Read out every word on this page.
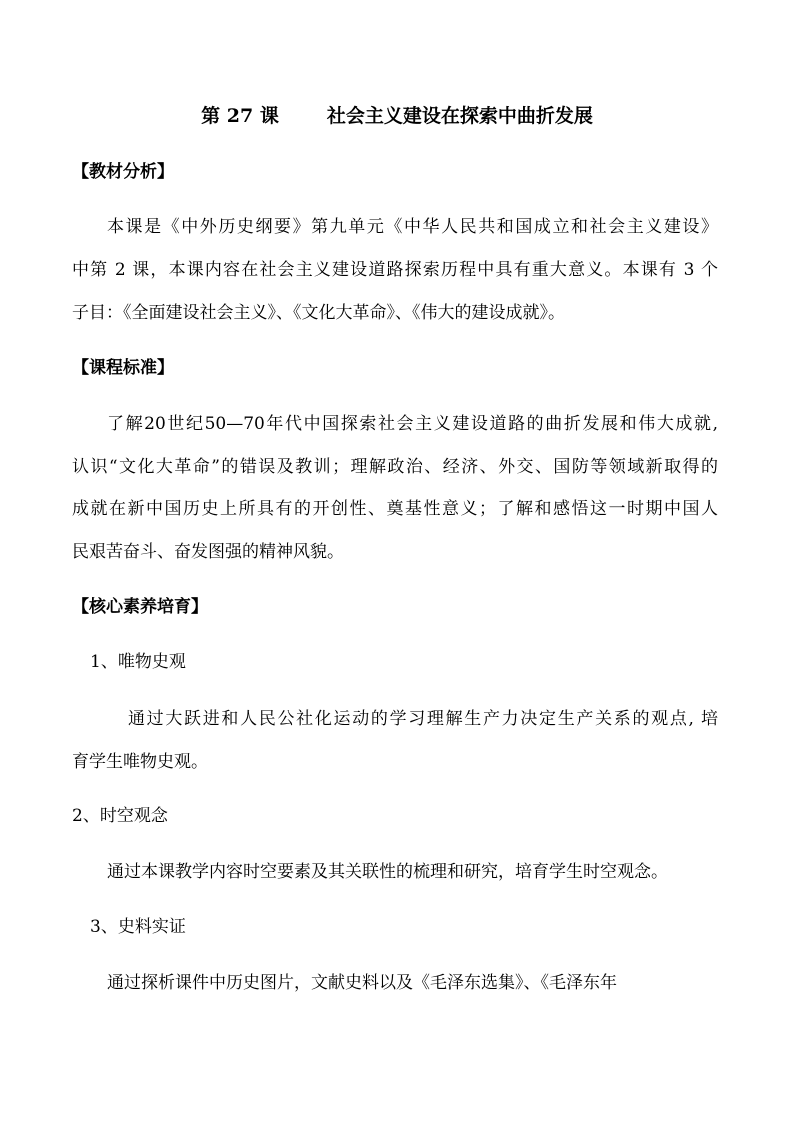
第 27 课	社会主义建设在探索中曲折发展
【教材分析】
本课是《中外历史纲要》第九单元《中华人民共和国成立和社会主义建设》
中第 2 课，本课内容在社会主义建设道路探索历程中具有重大意义。本课有 3 个
子目：《全面建设社会主义》、《文化大革命》、《伟大的建设成就》。
【课程标准】
了解20世纪50—70年代中国探索社会主义建设道路的曲折发展和伟大成就,
认识“文化大革命”的错误及教训；理解政治、经济、外交、国防等领域新取得的
成就在新中国历史上所具有的开创性、奠基性意义；了解和感悟这一时期中国人
民艰苦奋斗、奋发图强的精神风貌。
【核心素养培育】
1、唯物史观
通过大跃进和人民公社化运动的学习理解生产力决定生产关系的观点, 培
育学生唯物史观。
2、时空观念
通过本课教学内容时空要素及其关联性的梳理和研究，培育学生时空观念。
3、史料实证
通过探析课件中历史图片，文献史料以及《毛泽东选集》、《毛泽东年
